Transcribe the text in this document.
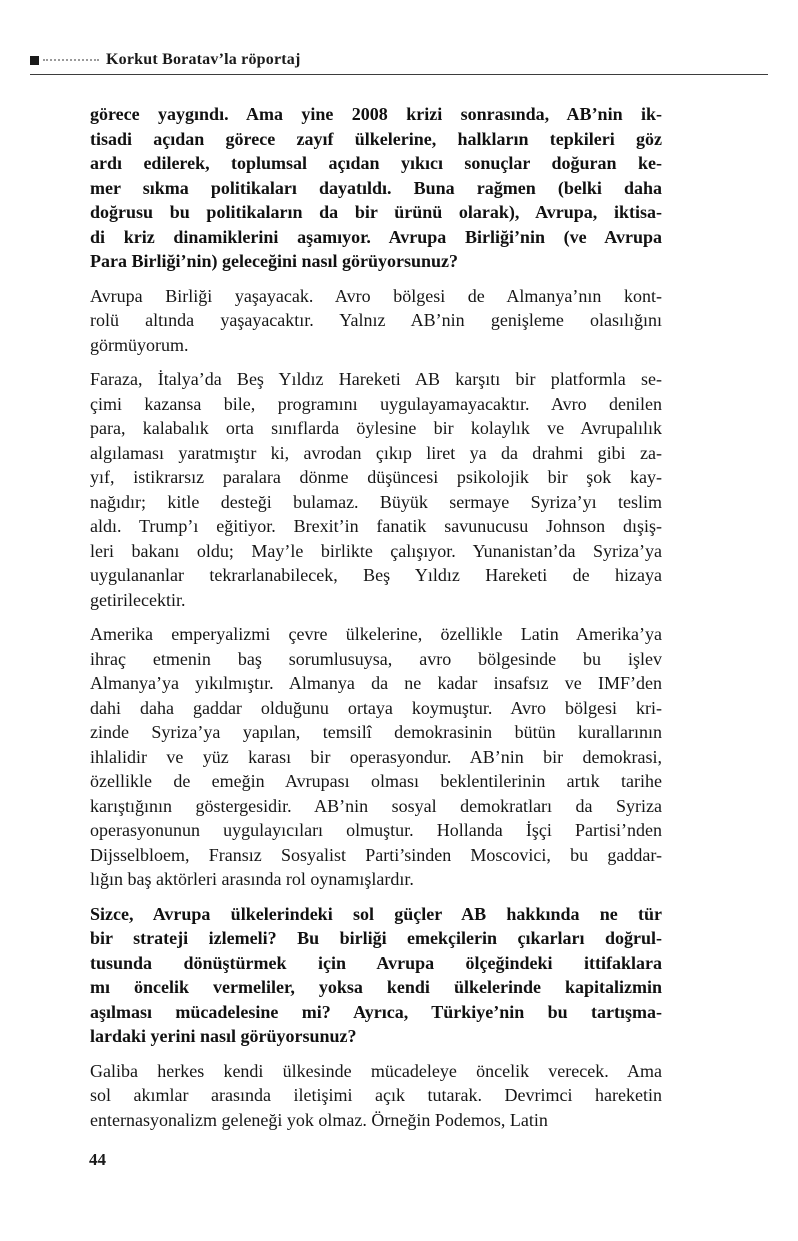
Korkut Boratav’la röportaj
görece yaygındı. Ama yine 2008 krizi sonrasında, AB’nin ik-
tisadi açıdan görece zayıf ülkelerine, halkların tepkileri göz
ardı edilerek, toplumsal açıdan yıkıcı sonuçlar doğuran ke-
mer sıkma politikaları dayatıldı. Buna rağmen (belki daha
doğrusu bu politikaların da bir ürünü olarak), Avrupa, iktisa-
di kriz dinamiklerini aşamıyor. Avrupa Birliği’nin (ve Avrupa
Para Birliği’nin) geleceğini nasıl görüyorsunuz?
Avrupa Birliği yaşayacak. Avro bölgesi de Almanya’nın kont-
rolü altında yaşayacaktır. Yalnız AB’nin genişleme olasılığını
görmüyorum.
Faraza, İtalya’da Beş Yıldız Hareketi AB karşıtı bir platformla se-
çimi kazansa bile, programını uygulayamayacaktır. Avro denilen
para, kalabalık orta sınıflarda öylesine bir kolaylık ve Avrupalılık
algılaması yaratmıştır ki, avrodan çıkıp liret ya da drahmi gibi za-
yıf, istikrarsız paralara dönme düşüncesi psikolojik bir şok kay-
nağıdır; kitle desteği bulamaz. Büyük sermaye Syriza’yı teslim
aldı. Trump’ı eğitiyor. Brexit’in fanatik savunucusu Johnson dışiş-
leri bakanı oldu; May’le birlikte çalışıyor. Yunanistan’da Syriza’ya
uygulananlar tekrarlanabilecek, Beş Yıldız Hareketi de hizaya
getirilecektir.
Amerika emperyalizmi çevre ülkelerine, özellikle Latin Amerika’ya
ihraç etmenin baş sorumlusuysa, avro bölgesinde bu işlev
Almanya’ya yıkılmıştır. Almanya da ne kadar insafsız ve IMF’den
dahi daha gaddar olduğunu ortaya koymuştur. Avro bölgesi kri-
zinde Syriza’ya yapılan, temsilî demokrasinin bütün kurallarının
ihlalidir ve yüz karası bir operasyondur. AB’nin bir demokrasi,
özellikle de emeğin Avrupası olması beklentilerinin artık tarihe
karıştığının göstergesidir. AB’nin sosyal demokratları da Syriza
operasyonunun uygulayıcıları olmuştur. Hollanda İşçi Partisi’nden
Dijsselbloem, Fransız Sosyalist Parti’sinden Moscovici, bu gaddar-
lığın baş aktörleri arasında rol oynamışlardır.
Sizce, Avrupa ülkelerindeki sol güçler AB hakkında ne tür
bir strateji izlemeli? Bu birliği emekçilerin çıkarları doğrul-
tusunda dönüştürmek için Avrupa ölçeğindeki ittifaklara
mı öncelik vermeliler, yoksa kendi ülkelerinde kapitalizmin
aşılması mücadelesine mi? Ayrıca, Türkiye’nin bu tartışma-
lardaki yerini nasıl görüyorsunuz?
Galiba herkes kendi ülkesinde mücadeleye öncelik verecek. Ama
sol akımlar arasında iletişimi açık tutarak. Devrimci hareketin
enternasyonalizm geleneği yok olmaz. Örneğin Podemos, Latin
44
